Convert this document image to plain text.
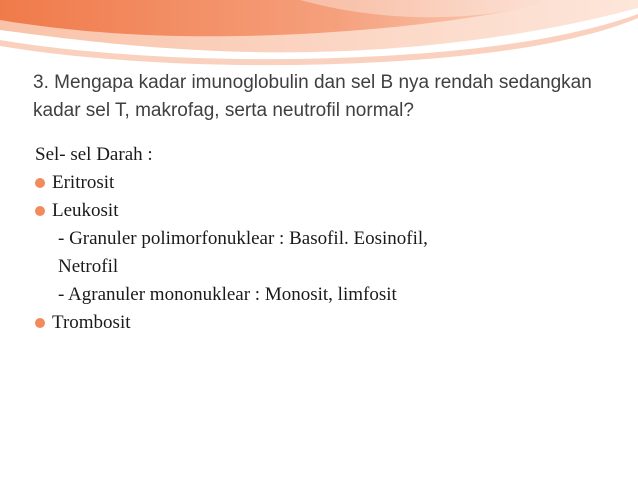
3. Mengapa kadar imunoglobulin dan sel B nya rendah sedangkan kadar sel T, makrofag, serta neutrofil normal?
Sel- sel Darah :
Eritrosit
Leukosit
- Granuler polimorfonuklear : Basofil. Eosinofil,
Netrofil
- Agranuler mononuklear : Monosit, limfosit
Trombosit
